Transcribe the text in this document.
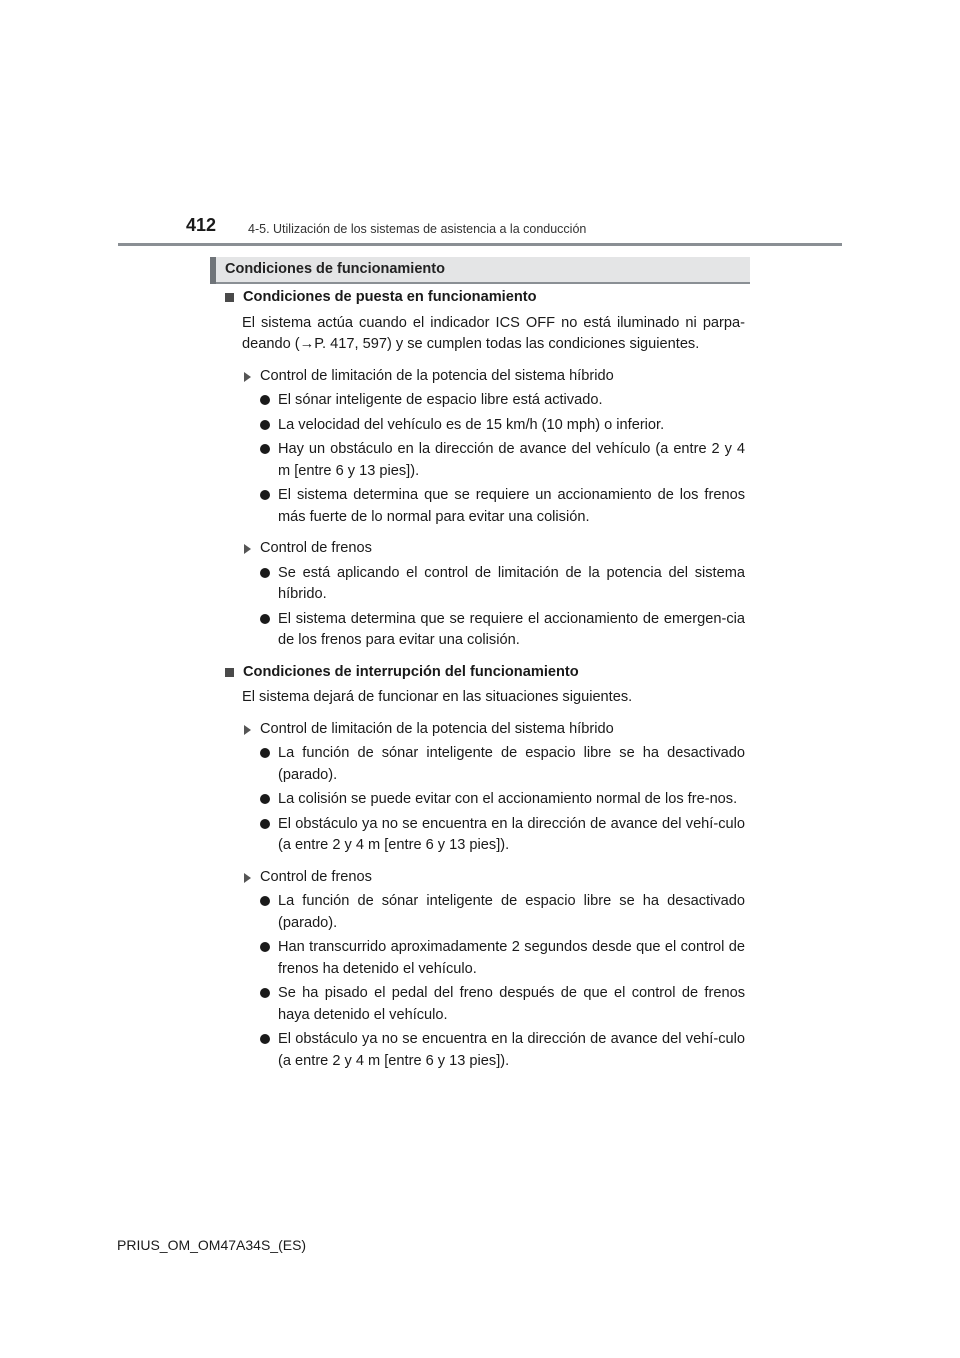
412	4-5. Utilización de los sistemas de asistencia a la conducción
Condiciones de funcionamiento
Condiciones de puesta en funcionamiento
El sistema actúa cuando el indicador ICS OFF no está iluminado ni parpa-deando (→P. 417, 597) y se cumplen todas las condiciones siguientes.
Control de limitación de la potencia del sistema híbrido
El sónar inteligente de espacio libre está activado.
La velocidad del vehículo es de 15 km/h (10 mph) o inferior.
Hay un obstáculo en la dirección de avance del vehículo (a entre 2 y 4 m [entre 6 y 13 pies]).
El sistema determina que se requiere un accionamiento de los frenos más fuerte de lo normal para evitar una colisión.
Control de frenos
Se está aplicando el control de limitación de la potencia del sistema híbrido.
El sistema determina que se requiere el accionamiento de emergen-cia de los frenos para evitar una colisión.
Condiciones de interrupción del funcionamiento
El sistema dejará de funcionar en las situaciones siguientes.
Control de limitación de la potencia del sistema híbrido
La función de sónar inteligente de espacio libre se ha desactivado (parado).
La colisión se puede evitar con el accionamiento normal de los fre-nos.
El obstáculo ya no se encuentra en la dirección de avance del vehí-culo (a entre 2 y 4 m [entre 6 y 13 pies]).
Control de frenos
La función de sónar inteligente de espacio libre se ha desactivado (parado).
Han transcurrido aproximadamente 2 segundos desde que el control de frenos ha detenido el vehículo.
Se ha pisado el pedal del freno después de que el control de frenos haya detenido el vehículo.
El obstáculo ya no se encuentra en la dirección de avance del vehí-culo (a entre 2 y 4 m [entre 6 y 13 pies]).
PRIUS_OM_OM47A34S_(ES)
